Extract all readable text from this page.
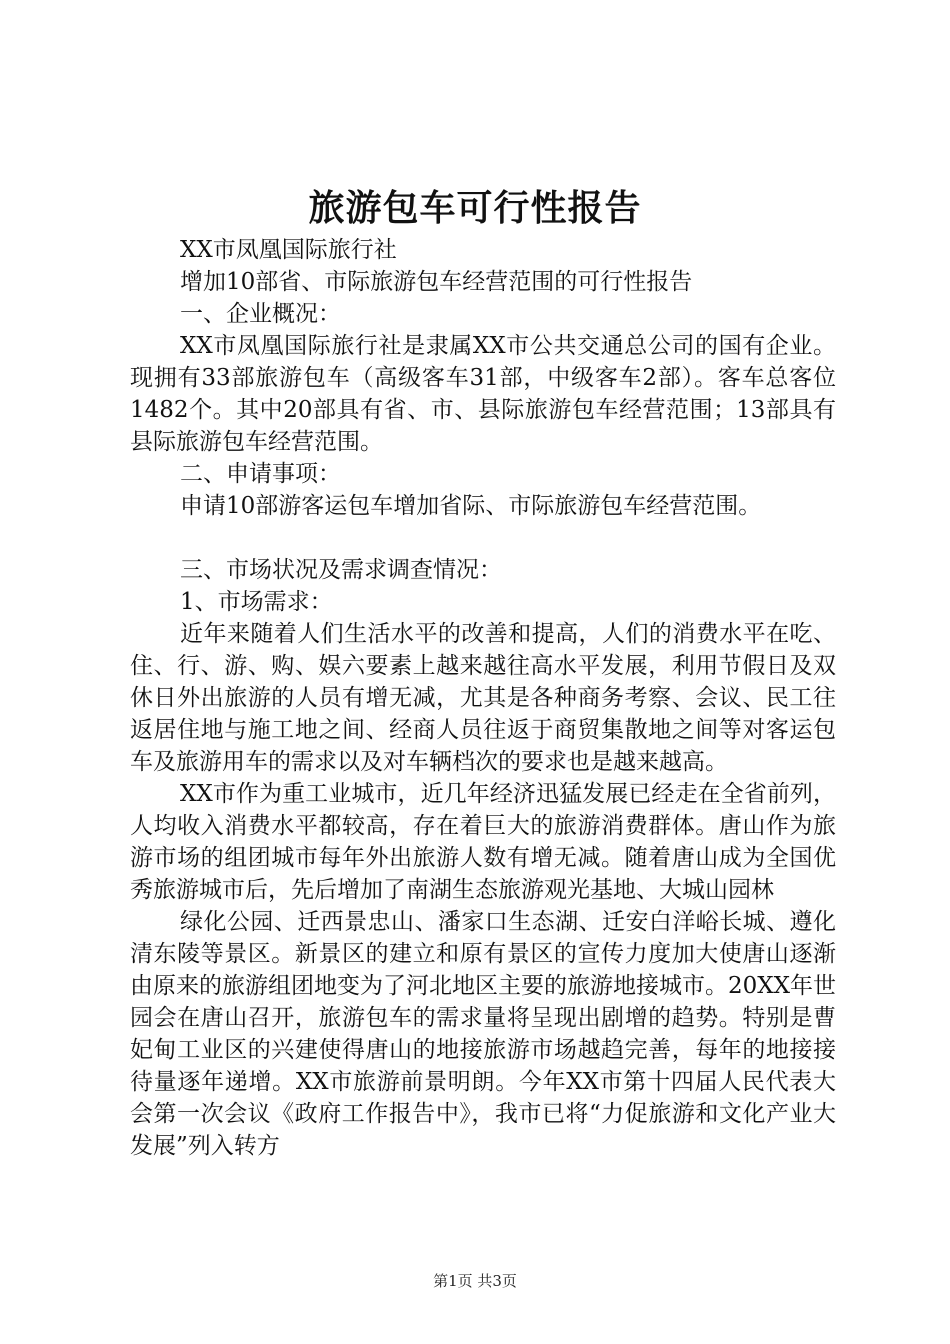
旅游包车可行性报告
XX市凤凰国际旅行社
增加10部省、市际旅游包车经营范围的可行性报告
一、企业概况：
XX市凤凰国际旅行社是隶属XX市公共交通总公司的国有企业。现拥有33部旅游包车（高级客车31部，中级客车2部）。客车总客位1482个。其中20部具有省、市、县际旅游包车经营范围；13部具有县际旅游包车经营范围。
二、申请事项：
申请10部游客运包车增加省际、市际旅游包车经营范围。
三、市场状况及需求调查情况：
1、市场需求：
近年来随着人们生活水平的改善和提高，人们的消费水平在吃、住、行、游、购、娱六要素上越来越往高水平发展，利用节假日及双休日外出旅游的人员有增无减，尤其是各种商务考察、会议、民工往返居住地与施工地之间、经商人员往返于商贸集散地之间等对客运包车及旅游用车的需求以及对车辆档次的要求也是越来越高。
XX市作为重工业城市，近几年经济迅猛发展已经走在全省前列，人均收入消费水平都较高，存在着巨大的旅游消费群体。唐山作为旅游市场的组团城市每年外出旅游人数有增无减。随着唐山成为全国优秀旅游城市后，先后增加了南湖生态旅游观光基地、大城山园林
绿化公园、迁西景忠山、潘家口生态湖、迁安白洋峪长城、遵化清东陵等景区。新景区的建立和原有景区的宣传力度加大使唐山逐渐由原来的旅游组团地变为了河北地区主要的旅游地接城市。20XX年世园会在唐山召开，旅游包车的需求量将呈现出剧增的趋势。特别是曹妃甸工业区的兴建使得唐山的地接旅游市场越趋完善，每年的地接接待量逐年递增。XX市旅游前景明朗。今年XX市第十四届人民代表大会第一次会议《政府工作报告中》，我市已将“力促旅游和文化产业大发展”列入转方
第1页 共3页
